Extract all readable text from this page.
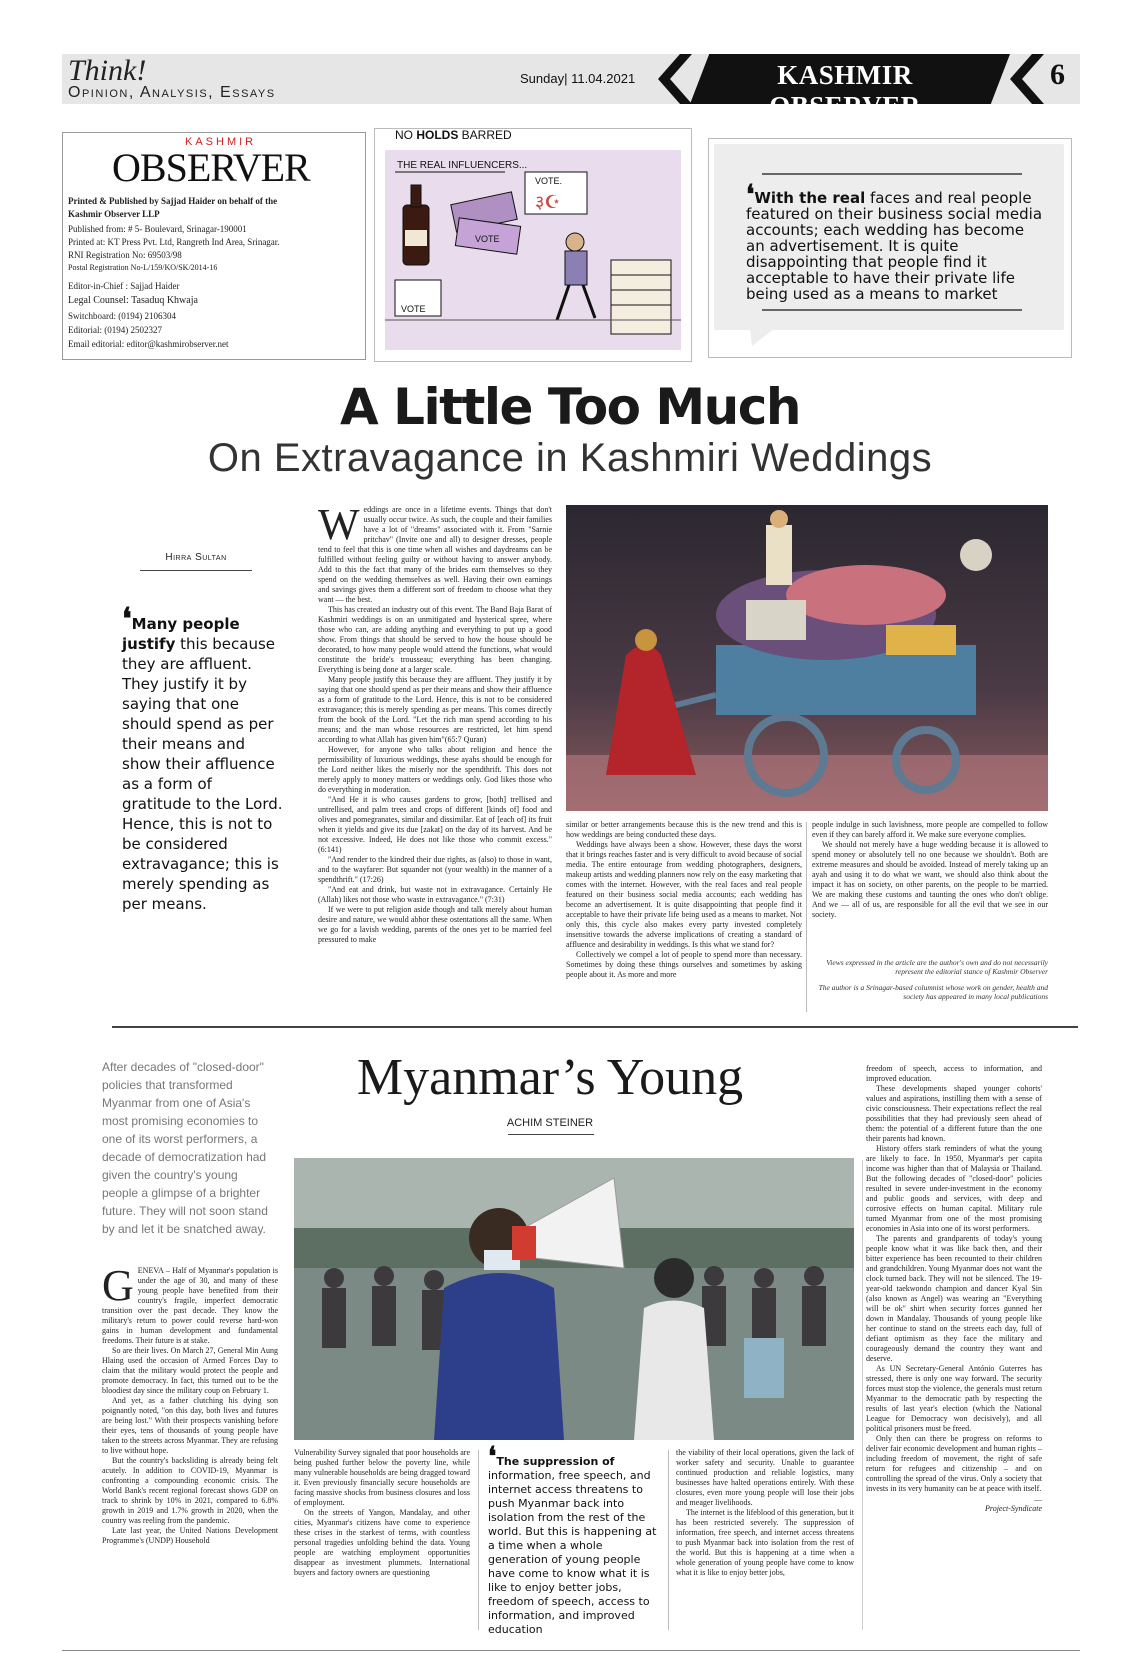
Think!
Opinion, Analysis, Essays
Sunday| 11.04.2021	KASHMIR OBSERVER
6
KASHMIR
OBSERVER
Printed & Published by Sajjad Haider on behalf of the
Kashmir Observer LLP
Published from: # 5- Boulevard, Srinagar-190001
Printed at: KT Press Pvt. Ltd, Rangreth Ind Area, Srinagar.
RNI Registration No: 69503/98
Postal Registration No-L/159/KO/SK/2014-16
Editor-in-Chief : Sajjad Haider
Legal Counsel: Tasaduq Khwaja
Switchboard: (0194) 2106304
Editorial: (0194) 2502327
Email editorial: editor@kashmirobserver.net
NO HOLDS BARRED
THE REAL INFLUENCERS...
VOTE
VOTE.
३☪
VOTE
❛With the real faces and real people featured on their business social media accounts; each wedding has become an advertisement. It is quite disappointing that people find it acceptable to have their private life being used as a means to market
A Little Too Much
On Extravagance in Kashmiri Weddings
Hirra Sultan
❛Many people justify this because they are affluent. They justify it by saying that one should spend as per their means and show their affluence as a form of gratitude to the Lord. Hence, this is not to be considered extravagance; this is merely spending as per means.

Weddings are once in a lifetime events. Things that don't usually occur twice. As such, the couple and their families have a lot of "dreams" associated with it. From "Sarnie pritchav" (Invite one and all) to designer dresses, people tend to feel that this is one time when all wishes and daydreams can be fulfilled without feeling guilty or without having to answer anybody. Add to this the fact that many of the brides earn themselves so they spend on the wedding themselves as well. Having their own earnings and savings gives them a different sort of freedom to choose what they want — the best.

This has created an industry out of this event. The Band Baja Barat of Kashmiri weddings is on an unmitigated and hysterical spree, where those who can, are adding anything and everything to put up a good show. From things that should be served to how the house should be decorated, to how many people would attend the functions, what would constitute the bride's trousseau; everything has been changing. Everything is being done at a larger scale.

Many people justify this because they are affluent. They justify it by saying that one should spend as per their means and show their affluence as a form of gratitude to the Lord. Hence, this is not to be considered extravagance; this is merely spending as per means. This comes directly from the book of the Lord. "Let the rich man spend according to his means; and the man whose resources are restricted, let him spend according to what Allah has given him"(65:7 Quran)

However, for anyone who talks about religion and hence the permissibility of luxurious weddings, these ayahs should be enough for the Lord neither likes the miserly nor the spendthrift. This does not merely apply to money matters or weddings only. God likes those who do everything in moderation.

"And He it is who causes gardens to grow, [both] trellised and untrellised, and palm trees and crops of different [kinds of] food and olives and pomegranates, similar and dissimilar. Eat of [each of] its fruit when it yields and give its due [zakat] on the day of its harvest. And be not excessive. Indeed, He does not like those who commit excess." (6:141)

"And render to the kindred their due rights, as (also) to those in want, and to the wayfarer: But squander not (your wealth) in the manner of a spendthrift." (17:26)

"And eat and drink, but waste not in extravagance. Certainly He (Allah) likes not those who waste in extravagance." (7:31)

If we were to put religion aside though and talk merely about human desire and nature, we would abhor these ostentations all the same. When we go for a lavish wedding, parents of the ones yet to be married feel pressured to make

similar or better arrangements because this is the new trend and this is how weddings are being conducted these days.

Weddings have always been a show. However, these days the worst that it brings reaches faster and is very difficult to avoid because of social media. The entire entourage from wedding photographers, designers, makeup artists and wedding planners now rely on the easy marketing that comes with the internet. However, with the real faces and real people featured on their business social media accounts; each wedding has become an advertisement. It is quite disappointing that people find it acceptable to have their private life being used as a means to market. Not only this, this cycle also makes every party invested completely insensitive towards the adverse implications of creating a standard of affluence and desirability in weddings. Is this what we stand for?

Collectively we compel a lot of people to spend more than necessary. Sometimes by doing these things ourselves and sometimes by asking people about it. As more and more

people indulge in such lavishness, more people are compelled to follow even if they can barely afford it. We make sure everyone complies.

We should not merely have a huge wedding because it is allowed to spend money or absolutely tell no one because we shouldn't. Both are extreme measures and should be avoided. Instead of merely taking up an ayah and using it to do what we want, we should also think about the impact it has on society, on other parents, on the people to be married. We are making these customs and taunting the ones who don't oblige. And we — all of us, are responsible for all the evil that we see in our society.

Views expressed in the article are the author's own and do not necessarily represent the editorial stance of Kashmir Observer
The author is a Srinagar-based columnist whose work on gender, health and society has appeared in many local publications
After decades of "closed-door" policies that transformed Myanmar from one of Asia's most promising economies to one of its worst performers, a decade of democratization had given the country's young people a glimpse of a brighter future. They will not soon stand by and let it be snatched away.
Myanmar’s Young
ACHIM STEINER

GENEVA – Half of Myanmar's population is under the age of 30, and many of these young people have benefited from their country's fragile, imperfect democratic transition over the past decade. They know the military's return to power could reverse hard-won gains in human development and fundamental freedoms. Their future is at stake.

So are their lives. On March 27, General Min Aung Hlaing used the occasion of Armed Forces Day to claim that the military would protect the people and promote democracy. In fact, this turned out to be the bloodiest day since the military coup on February 1.

And yet, as a father clutching his dying son poignantly noted, "on this day, both lives and futures are being lost." With their prospects vanishing before their eyes, tens of thousands of young people have taken to the streets across Myanmar. They are refusing to live without hope.

But the country's backsliding is already being felt acutely. In addition to COVID-19, Myanmar is confronting a compounding economic crisis. The World Bank's recent regional forecast shows GDP on track to shrink by 10% in 2021, compared to 6.8% growth in 2019 and 1.7% growth in 2020, when the country was reeling from the pandemic.

Late last year, the United Nations Development Programme's (UNDP) Household

Vulnerability Survey signaled that poor households are being pushed further below the poverty line, while many vulnerable households are being dragged toward it. Even previously financially secure households are facing massive shocks from business closures and loss of employment.

On the streets of Yangon, Mandalay, and other cities, Myanmar's citizens have come to experience these crises in the starkest of terms, with countless personal tragedies unfolding behind the data. Young people are watching employment opportunities disappear as investment plummets. International buyers and factory owners are questioning

❛The suppression of information, free speech, and internet access threatens to push Myanmar back into isolation from the rest of the world. But this is happening at a time when a whole generation of young people have come to know what it is like to enjoy better jobs, freedom of speech, access to information, and improved education

the viability of their local operations, given the lack of worker safety and security. Unable to guarantee continued production and reliable logistics, many businesses have halted operations entirely. With these closures, even more young people will lose their jobs and meager livelihoods.

The internet is the lifeblood of this generation, but it has been restricted severely. The suppression of information, free speech, and internet access threatens to push Myanmar back into isolation from the rest of the world. But this is happening at a time when a whole generation of young people have come to know what it is like to enjoy better jobs,

freedom of speech, access to information, and improved education.

These developments shaped younger cohorts' values and aspirations, instilling them with a sense of civic consciousness. Their expectations reflect the real possibilities that they had previously seen ahead of them: the potential of a different future than the one their parents had known.

History offers stark reminders of what the young are likely to face. In 1950, Myanmar's per capita income was higher than that of Malaysia or Thailand. But the following decades of "closed-door" policies resulted in severe under-investment in the economy and public goods and services, with deep and corrosive effects on human capital. Military rule turned Myanmar from one of the most promising economies in Asia into one of its worst performers.

The parents and grandparents of today's young people know what it was like back then, and their bitter experience has been recounted to their children and grandchildren. Young Myanmar does not want the clock turned back. They will not be silenced. The 19-year-old taekwondo champion and dancer Kyal Sin (also known as Angel) was wearing an "Everything will be ok" shirt when security forces gunned her down in Mandalay. Thousands of young people like her continue to stand on the streets each day, full of defiant optimism as they face the military and courageously demand the country they want and deserve.

As UN Secretary-General António Guterres has stressed, there is only one way forward. The security forces must stop the violence, the generals must return Myanmar to the democratic path by respecting the results of last year's election (which the National League for Democracy won decisively), and all political prisoners must be freed.

Only then can there be progress on reforms to deliver fair economic development and human rights – including freedom of movement, the right of safe return for refugees and citizenship – and on controlling the spread of the virus. Only a society that invests in its very humanity can be at peace with itself.

....

Project-Syndicate
